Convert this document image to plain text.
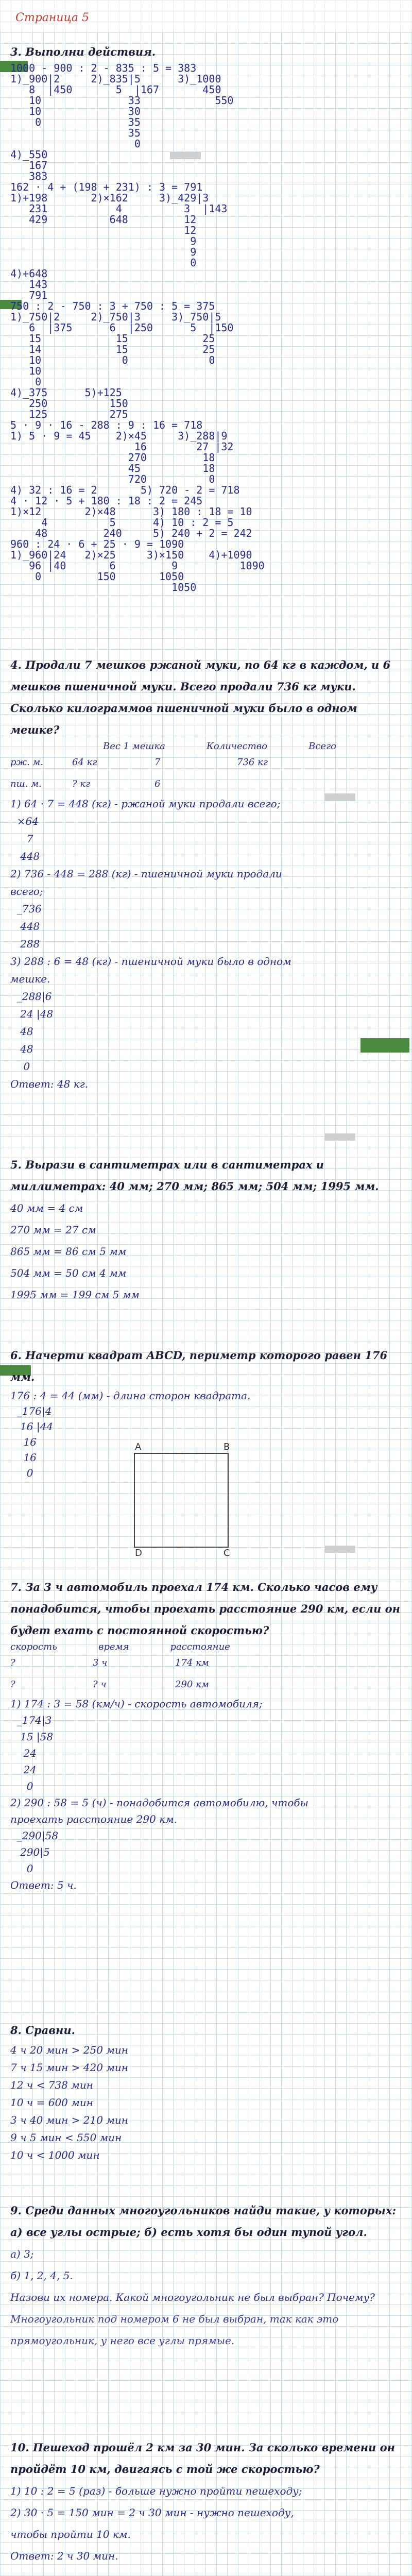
Страница 5
3. Выполни действия.
1000 - 900 : 2 - 835 : 5 = 383
1)_900|2     2)_835|5      3)_1000
8  |450       5  |167       450
10              33            550
10              30
0              35
35
0
4)_550
167
383
162 · 4 + (198 + 231) : 3 = 791
1)+198       2)×162     3)_429|3
231           4          3  |143
429          648         12
12
9
9
0
4)+648
143
791
750 : 2 - 750 : 3 + 750 : 5 = 375
1)_750|2     2)_750|3     3)_750|5
6  |375      6  |250      5  |150
15            15            25
14            15            25
10             0             0
10
0
4)_375      5)+125
250          150
125          275
5 · 9 · 16 - 288 : 9 : 16 = 718
1) 5 · 9 = 45    2)×45     3)_288|9
16        27 |32
270         18
45          18
720          0
4) 32 : 16 = 2       5) 720 - 2 = 718
4 · 12 · 5 + 180 : 18 : 2 = 245
1)×12       2)×48      3) 180 : 18 = 10
4          5      4) 10 : 2 = 5
48         240     5) 240 + 2 = 242
960 : 24 · 6 + 25 · 9 = 1090
1)_960|24   2)×25     3)×150    4)+1090
96 |40       6         9          1090
0         150       1050
1050
4. Продали 7 мешков ржаной муки, по 64 кг в каждом, и 6 мешков пшеничной муки. Всего продали 736 кг муки. Сколько килограммов пшеничной муки было в одном мешке?
Вес 1 мешка	Количество	Всего
рж. м.	64 кг	7	736 кг
пш. м.	? кг	6
1) 64 · 7 = 448 (кг) - ржаной муки продали всего;
×64
7
448
2) 736 - 448 = 288 (кг) - пшеничной муки продали
всего;
_736
448
288
3) 288 : 6 = 48 (кг) - пшеничной муки было в одном
мешке.
_288|6
24 |48
48
48
0
Ответ: 48 кг.
5. Вырази в сантиметрах или в сантиметрах и миллиметрах: 40 мм; 270 мм; 865 мм; 504 мм; 1995 мм.
40 мм = 4 см
270 мм = 27 см
865 мм = 86 см 5 мм
504 мм = 50 см 4 мм
1995 мм = 199 см 5 мм
6. Начерти квадрат ABCD, периметр которого равен 176 мм.
176 : 4 = 44 (мм) - длина сторон квадрата.
_176|4
16 |44
16
16
0
A	B
C
D
7. За 3 ч автомобиль проехал 174 км. Сколько часов ему понадобится, чтобы проехать расстояние 290 км, если он будет ехать с постоянной скоростью?
скорость	время	расстояние
?	3 ч	174 км
?	? ч	290 км
1) 174 : 3 = 58 (км/ч) - скорость автомобиля;
_174|3
15 |58
24
24
0
2) 290 : 58 = 5 (ч) - понадобится автомобилю, чтобы
проехать расстояние 290 км.
_290|58
290|5
0
Ответ: 5 ч.
8. Сравни.
4 ч 20 мин > 250 мин
7 ч 15 мин > 420 мин
12 ч < 738 мин
10 ч = 600 мин
3 ч 40 мин > 210 мин
9 ч 5 мин < 550 мин
10 ч < 1000 мин
9. Среди данных многоугольников найди такие, у которых: а) все углы острые; б) есть хотя бы один тупой угол.
а) 3;
б) 1, 2, 4, 5.
Назови их номера. Какой многоугольник не был выбран? Почему?
Многоугольник под номером 6 не был выбран, так как это прямоугольник, у него все углы прямые.
10. Пешеход прошёл 2 км за 30 мин. За сколько времени он пройдёт 10 км, двигаясь с той же скоростью?
1) 10 : 2 = 5 (раз) - больше нужно пройти пешеходу;
2) 30 · 5 = 150 мин = 2 ч 30 мин - нужно пешеходу,
чтобы пройти 10 км.
Ответ: 2 ч 30 мин.
